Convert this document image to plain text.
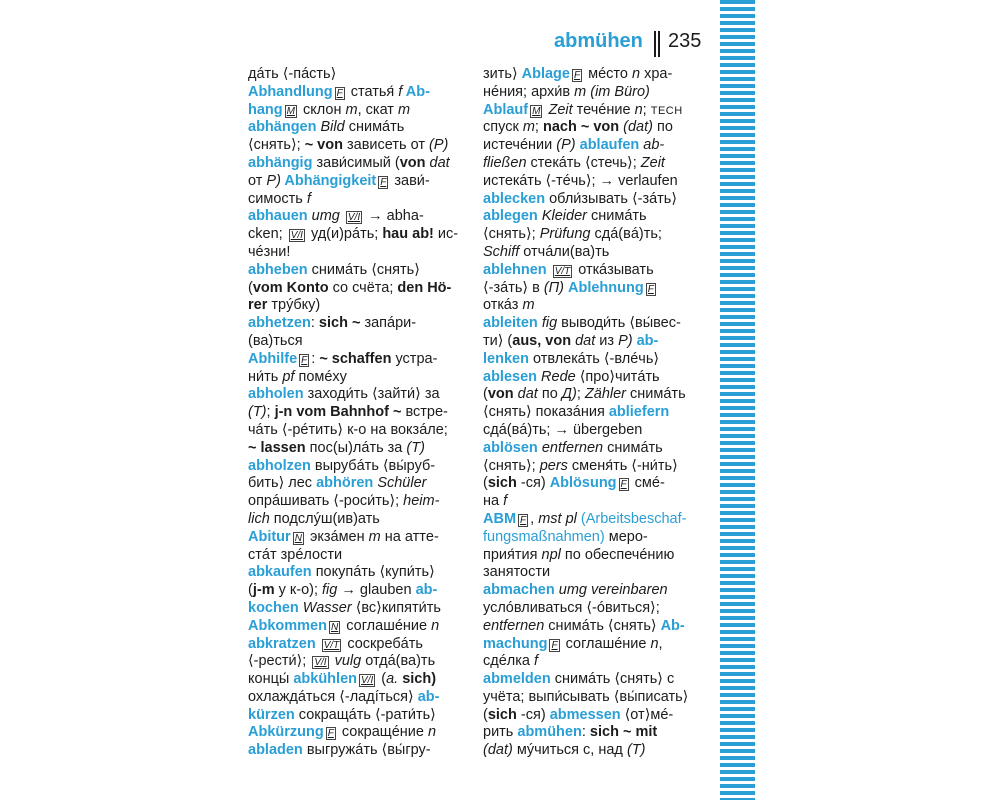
abmühen 235
дáть ⟨-пáсть⟩
Abhandlung F статья́ f Ab-
hang M склон m, скат m
abhängen Bild снимáть
⟨снять⟩; ~ von зависеть от (P)
abhängig зави́симый (von dat
от P) Abhängigkeit F зави́-
симость f
abhauen umg V/I → abha-
cken; V/I уд(и)рáть; hau ab! ис-
чéзни!
abheben снимáть ⟨снять⟩
(vom Konto со счёта; den Hö-
rer трýбку)
abhetzen: sich ~ запáри-
(ва)ться
Abhilfe F : ~ schaffen устра-
ни́ть pf помéху
abholen заходи́ть ⟨зайти́⟩ за
(T); j-n vom Bahnhof ~ встре-
чáть ⟨-рéтить⟩ к-о на вокзáле;
~ lassen пос(ы)лáть за (T)
abholzen вырубáть ⟨вы́руб-
бить⟩ лес abhören Schüler
опрáшивать ⟨-роси́ть⟩; heim-
lich подслýш(ив)ать
Abitur N экзáмен m на аттe-
стáт зрéлости
abkaufen покупáть ⟨купи́ть⟩
(j-m у к-о); fig → glauben ab-
kochen Wasser ⟨вс⟩кипяти́ть
Abkommen N соглашéние n
abkratzen V/T соскребáть
⟨-рести́⟩; V/I vulg отдá(ва)ть
концы́ abkühlen V/I (a. sich)
охлаждáться ⟨-ладíться⟩ ab-
kürzen сокращáть ⟨-рати́ть⟩
Abkürzung F сокращéние n
abladen выгружáть ⟨вы́гру-
зить⟩ Ablage F мéсто n хра-
нéния; архи́в m (im Büro)
Ablauf M Zeit течéние n; TECH
спуск m; nach ~ von (dat) по
истечéнии (P) ablaufen ab-
fließen стекáть ⟨стечь⟩; Zeit
истекáть ⟨-тéчь⟩; → verlaufen
ablecken обли́зывать ⟨-зáть⟩
ablegen Kleider снимáть
⟨снять⟩; Prüfung сдá(вá)ть;
Schiff отчáли(ва)ть
ablehnen V/T откáзывать
⟨-зáть⟩ в (П) Ablehnung F
откáз m
ableiten fig выводи́ть ⟨вы́вес-
ти⟩ (aus, von dat из P) ab-
lenken отвлекáть ⟨-влéчь⟩
ablesen Rede ⟨про⟩читáть
(von dat по Д); Zähler снимáть
⟨снять⟩ показáния abliefern
сдá(вá)ть; → übergeben
ablösen entfernen снимáть
⟨снять⟩; pers сменя́ть ⟨-ни́ть⟩
(sich -ся) Ablösung F смé-
на f
ABM F , mst pl (Arbeitsbeschaf-
fungsmaßnahmen) меро-
прия́тия npl по обеспечéнию
занятости
abmachen umg vereinbaren
услóвливаться ⟨-óвиться⟩;
entfernen снимáть ⟨снять⟩ Ab-
machung F соглашéние n,
сдéлка f
abmelden снимáть ⟨снять⟩ с
учёта; выпи́сывать ⟨вы́писать⟩
(sich -ся) abmessen ⟨от⟩мé-
рить abmühen: sich ~ mit
(dat) мýчиться с, над (T)
